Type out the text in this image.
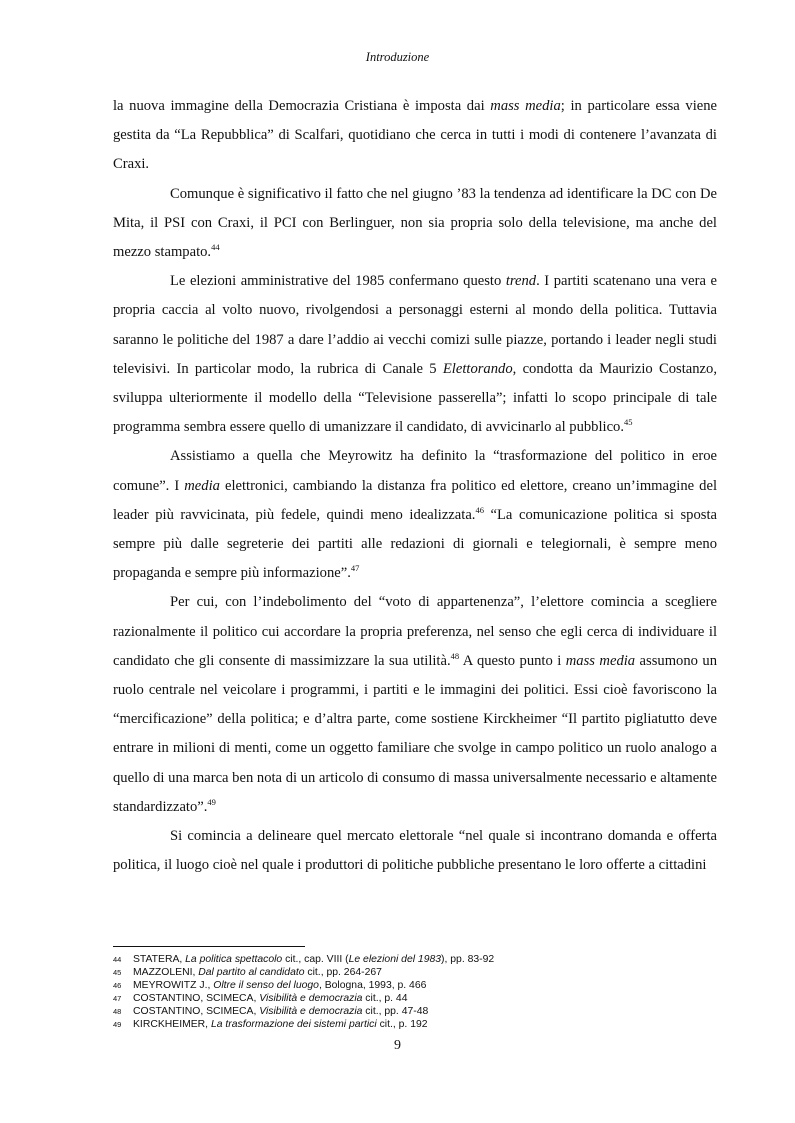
Introduzione

la nuova immagine della Democrazia Cristiana è imposta dai mass media; in particolare essa viene gestita da “La Repubblica” di Scalfari, quotidiano che cerca in tutti i modi di contenere l’avanzata di Craxi.

Comunque è significativo il fatto che nel giugno ’83 la tendenza ad identificare la DC con De Mita, il PSI con Craxi, il PCI con Berlinguer, non sia propria solo della televisione, ma anche del mezzo stampato.$^{44}$

Le elezioni amministrative del 1985 confermano questo trend. I partiti scatenano una vera e propria caccia al volto nuovo, rivolgendosi a personaggi esterni al mondo della politica. Tuttavia saranno le politiche del 1987 a dare l’addio ai vecchi comizi sulle piazze, portando i leader negli studi televisivi. In particolar modo, la rubrica di Canale 5 Elettorando, condotta da Maurizio Costanzo, sviluppa ulteriormente il modello della “Televisione passerella”; infatti lo scopo principale di tale programma sembra essere quello di umanizzare il candidato, di avvicinarlo al pubblico.$^{45}$

Assistiamo a quella che Meyrowitz ha definito la “trasformazione del politico in eroe comune”. I media elettronici, cambiando la distanza fra politico ed elettore, creano un’immagine del leader più ravvicinata, più fedele, quindi meno idealizzata.$^{46}$ “La comunicazione politica si sposta sempre più dalle segreterie dei partiti alle redazioni di giornali e telegiornali, è sempre meno propaganda e sempre più informazione”.$^{47}$

Per cui, con l’indebolimento del “voto di appartenenza”, l’elettore comincia a scegliere razionalmente il politico cui accordare la propria preferenza, nel senso che egli cerca di individuare il candidato che gli consente di massimizzare la sua utilità.$^{48}$ A questo punto i mass media assumono un ruolo centrale nel veicolare i programmi, i partiti e le immagini dei politici. Essi cioè favoriscono la “mercificazione” della politica; e d’altra parte, come sostiene Kirckheimer “Il partito pigliatutto deve entrare in milioni di menti, come un oggetto familiare che svolge in campo politico un ruolo analogo a quello di una marca ben nota di un articolo di consumo di massa universalmente necessario e altamente standardizzato”.$^{49}$

Si comincia a delineare quel mercato elettorale “nel quale si incontrano domanda e offerta politica, il luogo cioè nel quale i produttori di politiche pubbliche presentano le loro offerte a cittadini

44 STATERA, La politica spettacolo cit., cap. VIII (Le elezioni del 1983), pp. 83-92
45 MAZZOLENI, Dal partito al candidato cit., pp. 264-267
46 MEYROWITZ J., Oltre il senso del luogo, Bologna, 1993, p. 466
47 COSTANTINO, SCIMECA, Visibilità e democrazia cit., p. 44
48 COSTANTINO, SCIMECA, Visibilità e democrazia cit., pp. 47-48
49 KIRCKHEIMER, La trasformazione dei sistemi partici cit., p. 192
9
